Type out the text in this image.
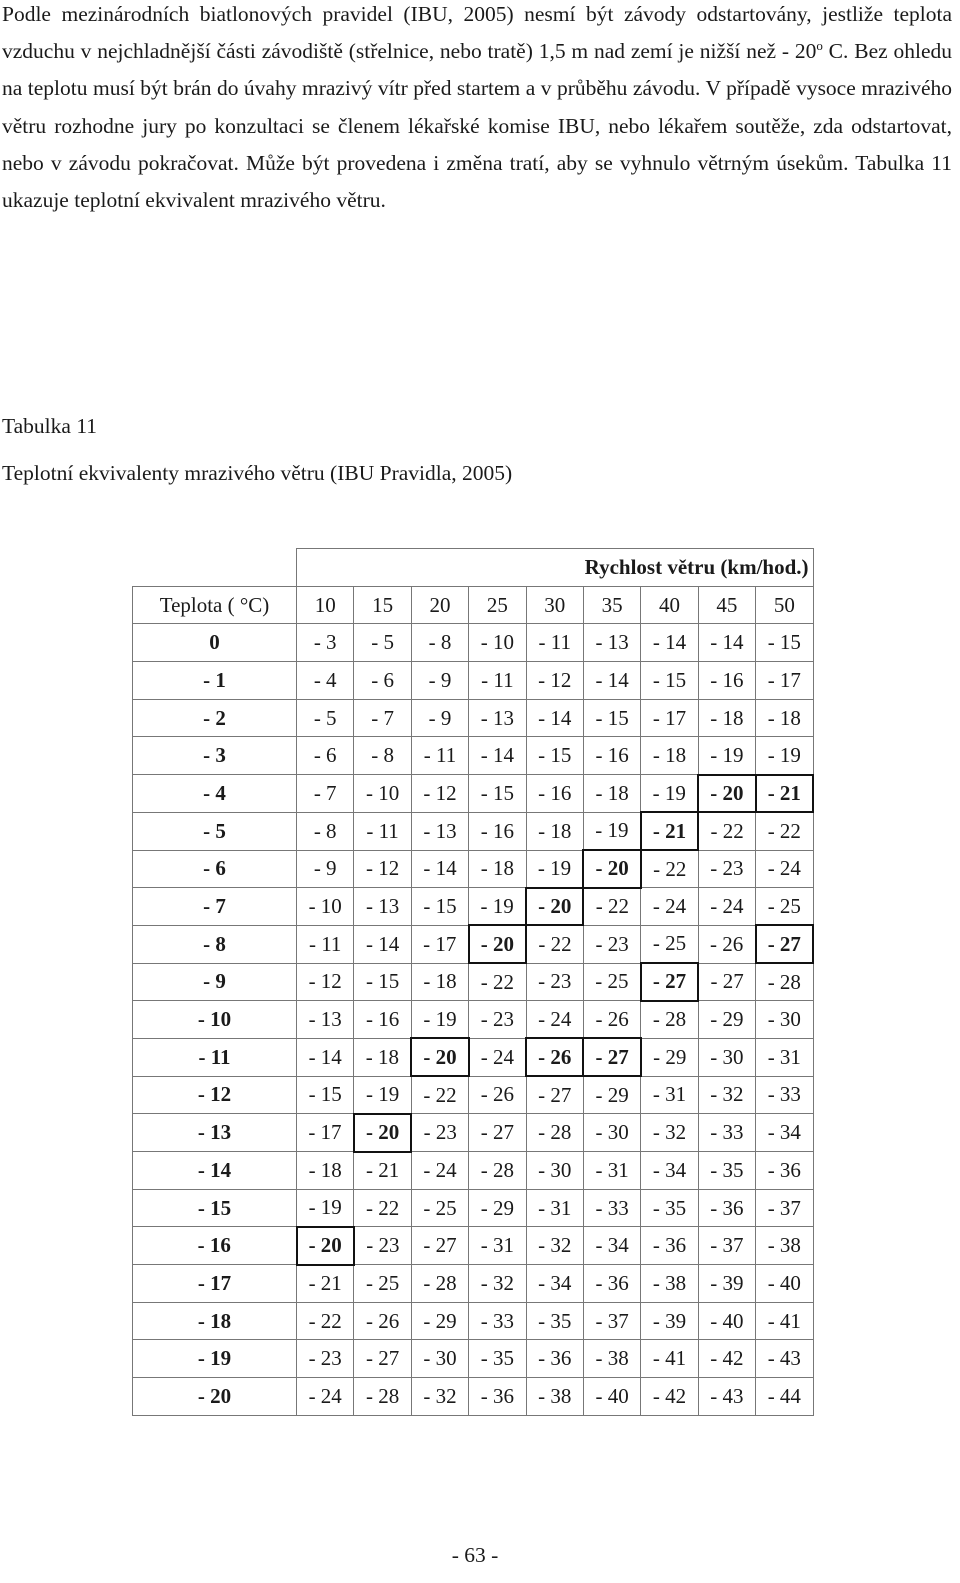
Podle mezinárodních biatlonových pravidel (IBU, 2005) nesmí být závody odstartovány, jestliže teplota vzduchu v nejchladnější části závodiště (střelnice, nebo tratě) 1,5 m nad zemí je nižší než - 20$^o$ C. Bez ohledu na teplotu musí být brán do úvahy mrazivý vítr před startem a v průběhu závodu. V případě vysoce mrazivého větru rozhodne jury po konzultaci se členem lékařské komise IBU, nebo lékařem soutěže, zda odstartovat, nebo v závodu pokračovat. Může být provedena i změna tratí, aby se vyhnulo větrným úsekům. Tabulka 11 ukazuje teplotní ekvivalent mrazivého větru.

Tabulka 11

Teplotní ekvivalenty mrazivého větru (IBU Pravidla, 2005)

	Rychlost větru (km/hod.)								
Teplota ( °C)	10	15	20	25	30	35	40	45	50
0	- 3	- 5	- 8	- 10	- 11	- 13	- 14	- 14	- 15
- 1	- 4	- 6	- 9	- 11	- 12	- 14	- 15	- 16	- 17
- 2	- 5	- 7	- 9	- 13	- 14	- 15	- 17	- 18	- 18
- 3	- 6	- 8	- 11	- 14	- 15	- 16	- 18	- 19	- 19
- 4	- 7	- 10	- 12	- 15	- 16	- 18	- 19	- 20	- 21
- 5	- 8	- 11	- 13	- 16	- 18	- 19	- 21	- 22	- 22
- 6	- 9	- 12	- 14	- 18	- 19	- 20	- 22	- 23	- 24
- 7	- 10	- 13	- 15	- 19	- 20	- 22	- 24	- 24	- 25
- 8	- 11	- 14	- 17	- 20	- 22	- 23	- 25	- 26	- 27
- 9	- 12	- 15	- 18	- 22	- 23	- 25	- 27	- 27	- 28
- 10	- 13	- 16	- 19	- 23	- 24	- 26	- 28	- 29	- 30
- 11	- 14	- 18	- 20	- 24	- 26	- 27	- 29	- 30	- 31
- 12	- 15	- 19	- 22	- 26	- 27	- 29	- 31	- 32	- 33
- 13	- 17	- 20	- 23	- 27	- 28	- 30	- 32	- 33	- 34
- 14	- 18	- 21	- 24	- 28	- 30	- 31	- 34	- 35	- 36
- 15	- 19	- 22	- 25	- 29	- 31	- 33	- 35	- 36	- 37
- 16	- 20	- 23	- 27	- 31	- 32	- 34	- 36	- 37	- 38
- 17	- 21	- 25	- 28	- 32	- 34	- 36	- 38	- 39	- 40
- 18	- 22	- 26	- 29	- 33	- 35	- 37	- 39	- 40	- 41
- 19	- 23	- 27	- 30	- 35	- 36	- 38	- 41	- 42	- 43
- 20	- 24	- 28	- 32	- 36	- 38	- 40	- 42	- 43	- 44

- 63 -
